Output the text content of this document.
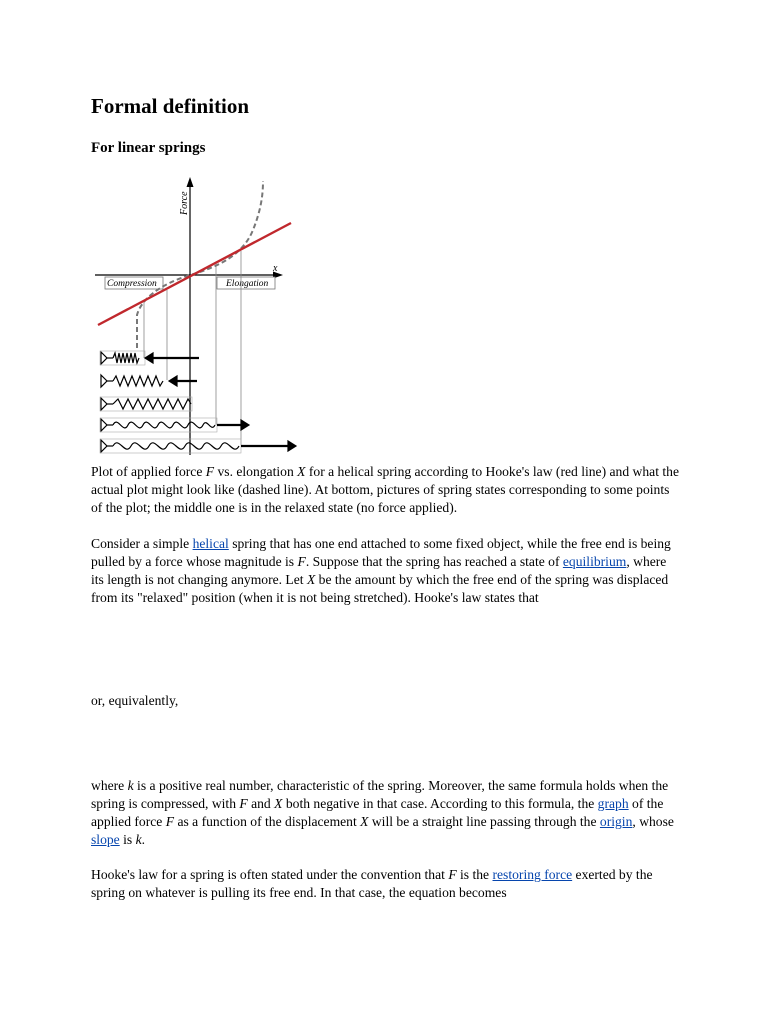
Formal definition
For linear springs
Force
x
Compression	Elongation

Plot of applied force F vs. elongation X for a helical spring according to Hooke's law (red line) and what the actual plot might look like (dashed line). At bottom, pictures of spring states corresponding to some points of the plot; the middle one is in the relaxed state (no force applied).

Consider a simple helical spring that has one end attached to some fixed object, while the free end is being pulled by a force whose magnitude is F. Suppose that the spring has reached a state of equilibrium, where its length is not changing anymore. Let X be the amount by which the free end of the spring was displaced from its "relaxed" position (when it is not being stretched). Hooke's law states that

or, equivalently,

where k is a positive real number, characteristic of the spring. Moreover, the same formula holds when the spring is compressed, with F and X both negative in that case. According to this formula, the graph of the applied force F as a function of the displacement X will be a straight line passing through the origin, whose slope is k.

Hooke's law for a spring is often stated under the convention that F is the restoring force exerted by the spring on whatever is pulling its free end. In that case, the equation becomes
